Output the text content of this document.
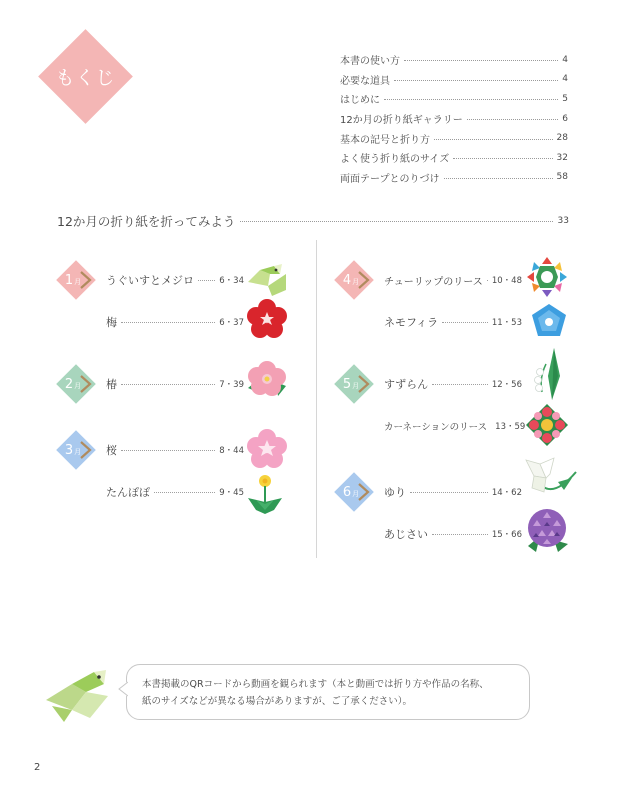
もくじ
本書の使い方	4
必要な道具	4
はじめに	5
12か月の折り紙ギャラリー	6
基本の記号と折り方	28
よく使う折り紙のサイズ	32
両面テープとのりづけ	58
12か月の折り紙を折ってみよう	33
1 月 うぐいすとメジロ	6・34
梅	6・37
2 月 椿	7・39
3 月 桜	8・44
たんぽぽ	9・45
4 月 チューリップのリース 10・48
ネモフィラ	11・53
5 月 すずらん	12・56
カーネーションのリース 13・59
6 月 ゆり	14・62
あじさい	15・66
本書掲載のQRコードから動画を観られます（本と動画では折り方や作品の名称、
紙のサイズなどが異なる場合がありますが、ご了承ください）。
2
